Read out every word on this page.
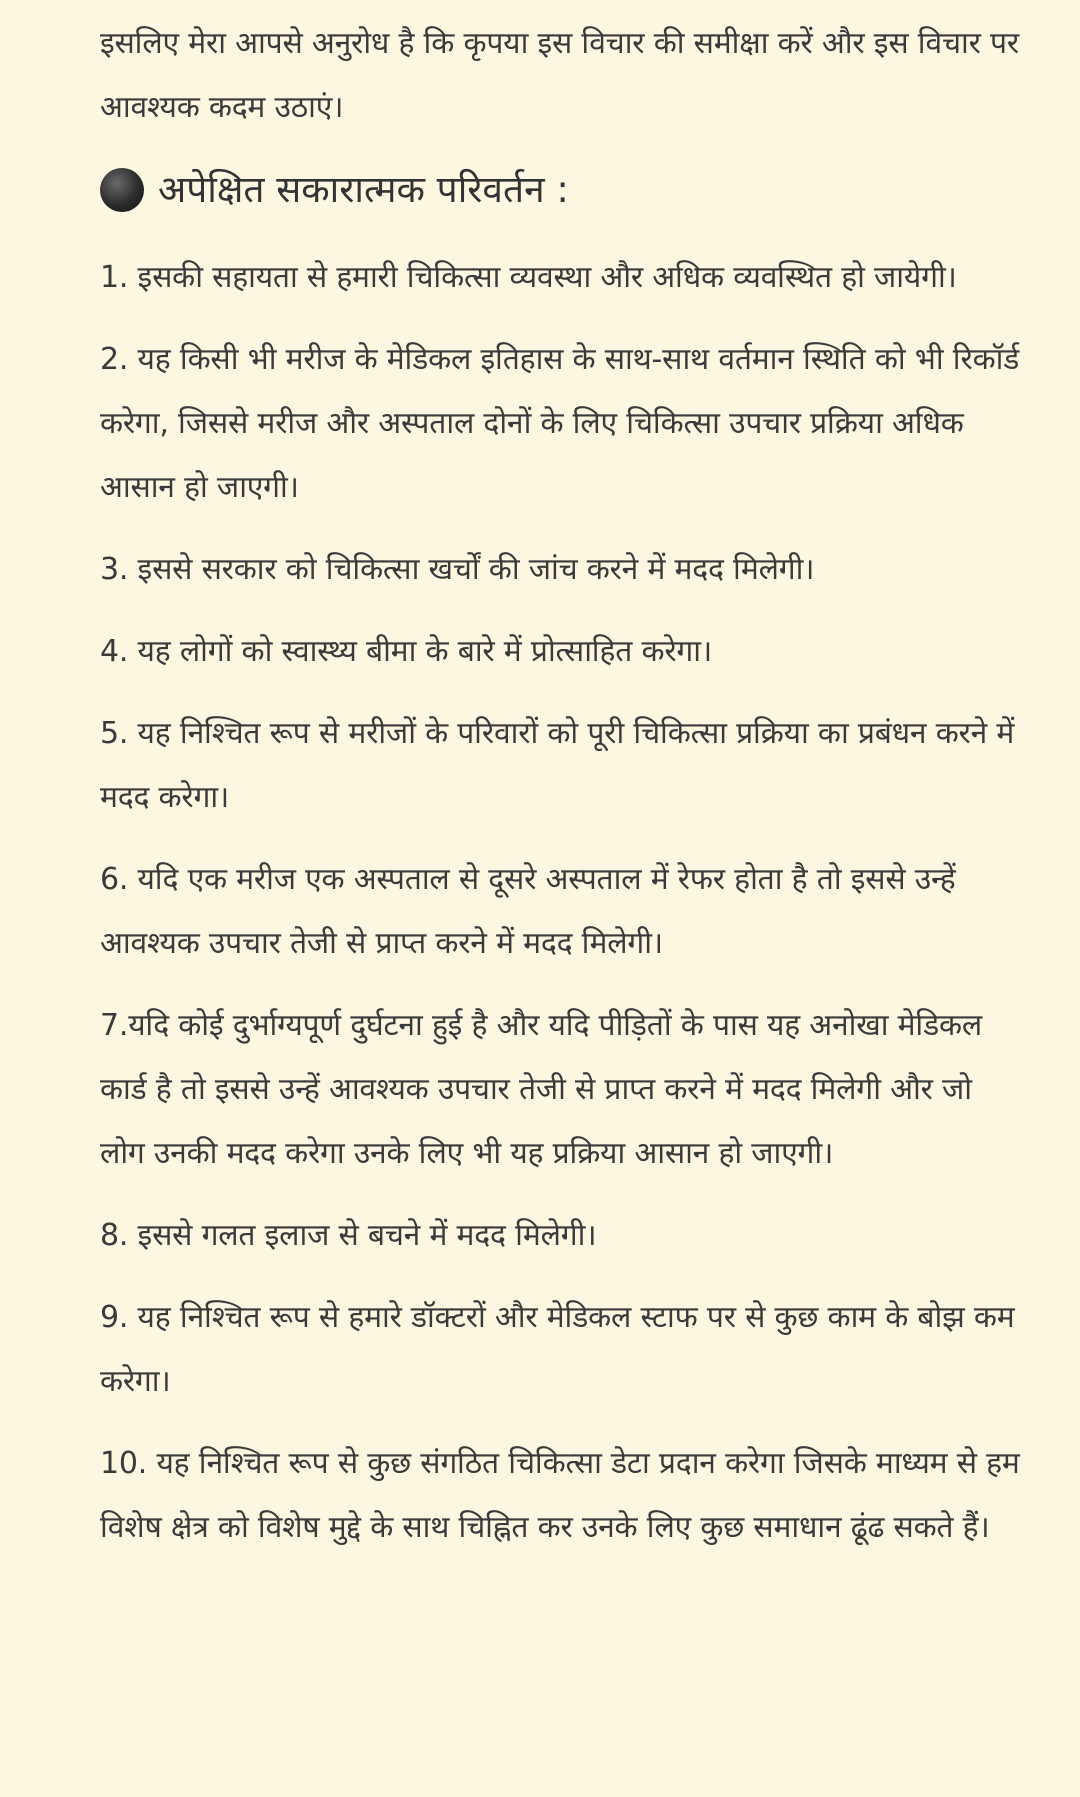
इसलिए मेरा आपसे अनुरोध है कि कृपया इस विचार की समीक्षा करें और इस विचार पर आवश्यक कदम उठाएं।

अपेक्षित सकारात्मक परिवर्तन :

1. इसकी सहायता से हमारी चिकित्सा व्यवस्था और अधिक व्यवस्थित हो जायेगी।

2. यह किसी भी मरीज के मेडिकल इतिहास के साथ-साथ वर्तमान स्थिति को भी रिकॉर्ड करेगा, जिससे मरीज और अस्पताल दोनों के लिए चिकित्सा उपचार प्रक्रिया अधिक आसान हो जाएगी।

3. इससे सरकार को चिकित्सा खर्चों की जांच करने में मदद मिलेगी।

4. यह लोगों को स्वास्थ्य बीमा के बारे में प्रोत्साहित करेगा।

5. यह निश्चित रूप से मरीजों के परिवारों को पूरी चिकित्सा प्रक्रिया का प्रबंधन करने में मदद करेगा।

6. यदि एक मरीज एक अस्पताल से दूसरे अस्पताल में रेफर होता है तो इससे उन्हें आवश्यक उपचार तेजी से प्राप्त करने में मदद मिलेगी।

7.यदि कोई दुर्भाग्यपूर्ण दुर्घटना हुई है और यदि पीड़ितों के पास यह अनोखा मेडिकल कार्ड है तो इससे उन्हें आवश्यक उपचार तेजी से प्राप्त करने में मदद मिलेगी और जो लोग उनकी मदद करेगा उनके लिए भी यह प्रक्रिया आसान हो जाएगी।

8. इससे गलत इलाज से बचने में मदद मिलेगी।

9. यह निश्चित रूप से हमारे डॉक्टरों और मेडिकल स्टाफ पर से कुछ काम के बोझ कम करेगा।

10. यह निश्चित रूप से कुछ संगठित चिकित्सा डेटा प्रदान करेगा जिसके माध्यम से हम विशेष क्षेत्र को विशेष मुद्दे के साथ चिह्नित कर उनके लिए कुछ समाधान ढूंढ सकते हैं।
